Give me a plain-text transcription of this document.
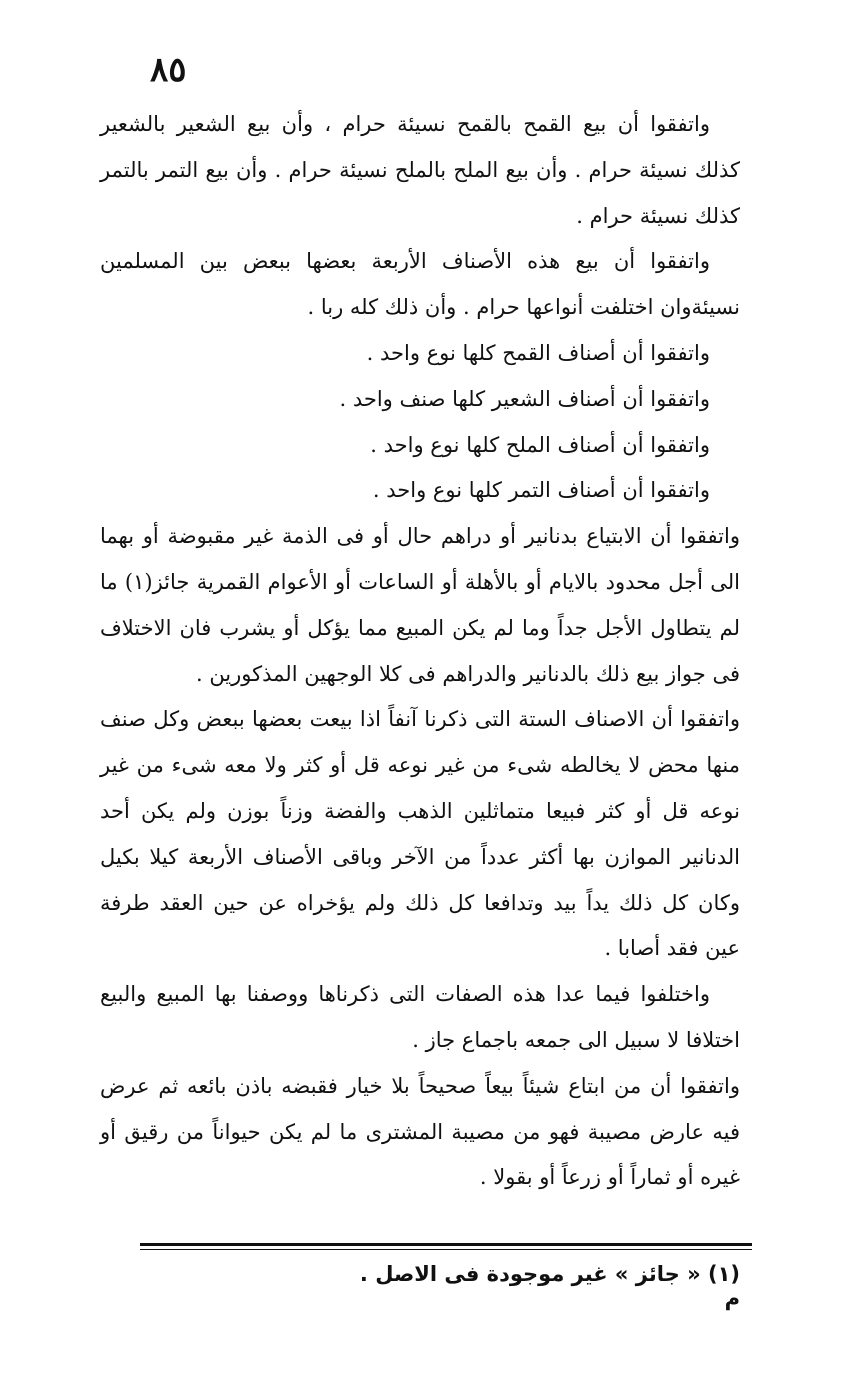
٨٥

واتفقوا أن بيع القمح بالقمح نسيئة حرام ، وأن بيع الشعير بالشعير كذلك نسيئة حرام . وأن بيع الملح بالملح نسيئة حرام . وأن بيع التمر بالتمر كذلك نسيئة حرام .

واتفقوا أن بيع هذه الأصناف الأربعة بعضها ببعض بين المسلمين نسيئةوان اختلفت أنواعها حرام . وأن ذلك كله ربا .

واتفقوا أن أصناف القمح كلها نوع واحد .

واتفقوا أن أصناف الشعير كلها صنف واحد .

واتفقوا أن أصناف الملح كلها نوع واحد .

واتفقوا أن أصناف التمر كلها نوع واحد .

واتفقوا أن الابتياع بدنانير أو دراهم حال أو فى الذمة غير مقبوضة أو بهما الى أجل محدود بالايام أو بالأهلة أو الساعات أو الأعوام القمرية جائز(١) ما لم يتطاول الأجل جداً وما لم يكن المبيع مما يؤكل أو يشرب فان الاختلاف فى جواز بيع ذلك بالدنانير والدراهم فى كلا الوجهين المذكورين .

واتفقوا أن الاصناف الستة التى ذكرنا آنفاً اذا بيعت بعضها ببعض وكل صنف منها محض لا يخالطه شىء من غير نوعه قل أو كثر ولا معه شىء من غير نوعه قل أو كثر فبيعا متماثلين الذهب والفضة وزناً بوزن ولم يكن أحد الدنانير الموازن بها أكثر عدداً من الآخر وباقى الأصناف الأربعة كيلا بكيل وكان كل ذلك يداً بيد وتدافعا كل ذلك ولم يؤخراه عن حين العقد طرفة عين فقد أصابا .

واختلفوا فيما عدا هذه الصفات التى ذكرناها ووصفنا بها المبيع والبيع اختلافا لا سبيل الى جمعه باجماع جاز .

واتفقوا أن من ابتاع شيئاً بيعاً صحيحاً بلا خيار فقبضه باذن بائعه ثم عرض فيه عارض مصيبة فهو من مصيبة المشترى ما لم يكن حيواناً من رقيق أو غيره أو ثماراً أو زرعاً أو بقولا .

(١) « جائز » غير موجودة فى الاصل . م
